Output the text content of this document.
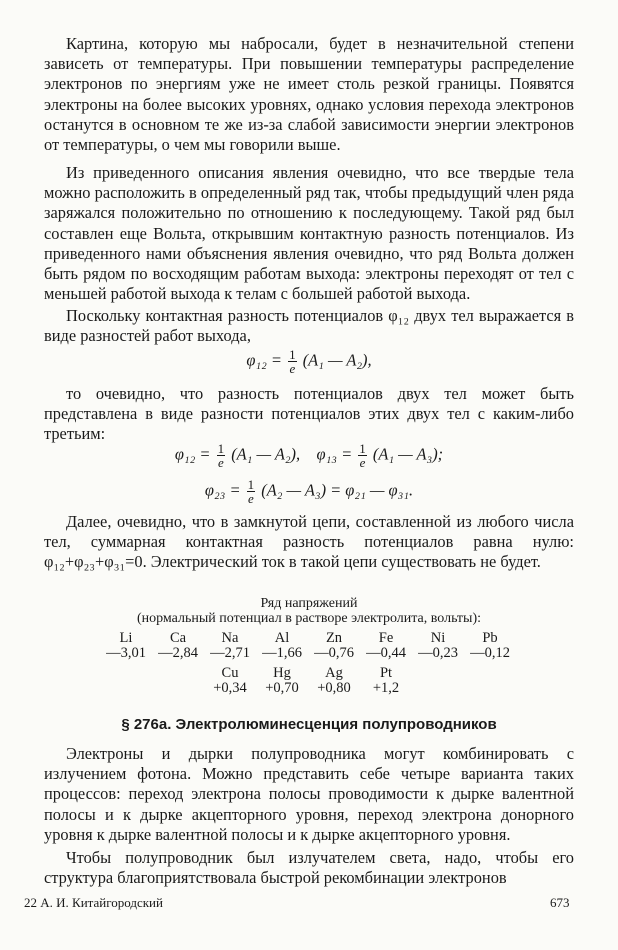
Картина, которую мы набросали, будет в незначительной степени зависеть от температуры. При повышении температуры распределение электронов по энергиям уже не имеет столь резкой границы. Появятся электроны на более высоких уровнях, однако условия перехода электронов останутся в основном те же из-за слабой зависимости энергии электронов от температуры, о чем мы говорили выше.

Из приведенного описания явления очевидно, что все твердые тела можно расположить в определенный ряд так, чтобы предыдущий член ряда заряжался положительно по отношению к последующему. Такой ряд был составлен еще Вольта, открывшим контактную разность потенциалов. Из приведенного нами объяснения явления очевидно, что ряд Вольта должен быть рядом по восходящим работам выхода: электроны переходят от тел с меньшей работой выхода к телам с большей работой выхода.

Поскольку контактная разность потенциалов φ₁₂ двух тел выражается в виде разностей работ выхода,

$\varphi_{12} = \frac{1}{e} (A_1$ — A₂),

то очевидно, что разность потенциалов двух тел может быть представлена в виде разности потенциалов этих двух тел с каким-либо третьим:

$\varphi_{12} = \frac{1}{e} (A_1$ — A₂), $\varphi_{13} = \frac{1}{e} (A_1$ — A₃);
$\varphi_{23} = \frac{1}{e} (A_2$ — A₃) = φ₂₁ — φ₃₁.

Далее, очевидно, что в замкнутой цепи, составленной из любого числа тел, суммарная контактная разность потенциалов равна нулю: φ₁₂+φ₂₃+φ₃₁=0. Электрический ток в такой цепи существовать не будет.

Ряд напряжений
(нормальный потенциал в растворе электролита, вольты):
Li	Ca Na	Al	Zn	Fe	Ni	Pb
—3,01 —2,84 —2,71 —1,66 —0,76 —0,44 —0,23 —0,12
Cu Hg Ag	Pt
+0,34 +0,70 +0,80 +1,2
§ 276а. Электролюминесценция полупроводников

Электроны и дырки полупроводника могут комбинировать с излучением фотона. Можно представить себе четыре варианта таких процессов: переход электрона полосы проводимости к дырке валентной полосы и к дырке акцепторного уровня, переход электрона донорного уровня к дырке валентной полосы и к дырке акцепторного уровня.

Чтобы полупроводник был излучателем света, надо, чтобы его структура благоприятствовала быстрой рекомбинации электронов

22 А. И. Китайгородский	673
